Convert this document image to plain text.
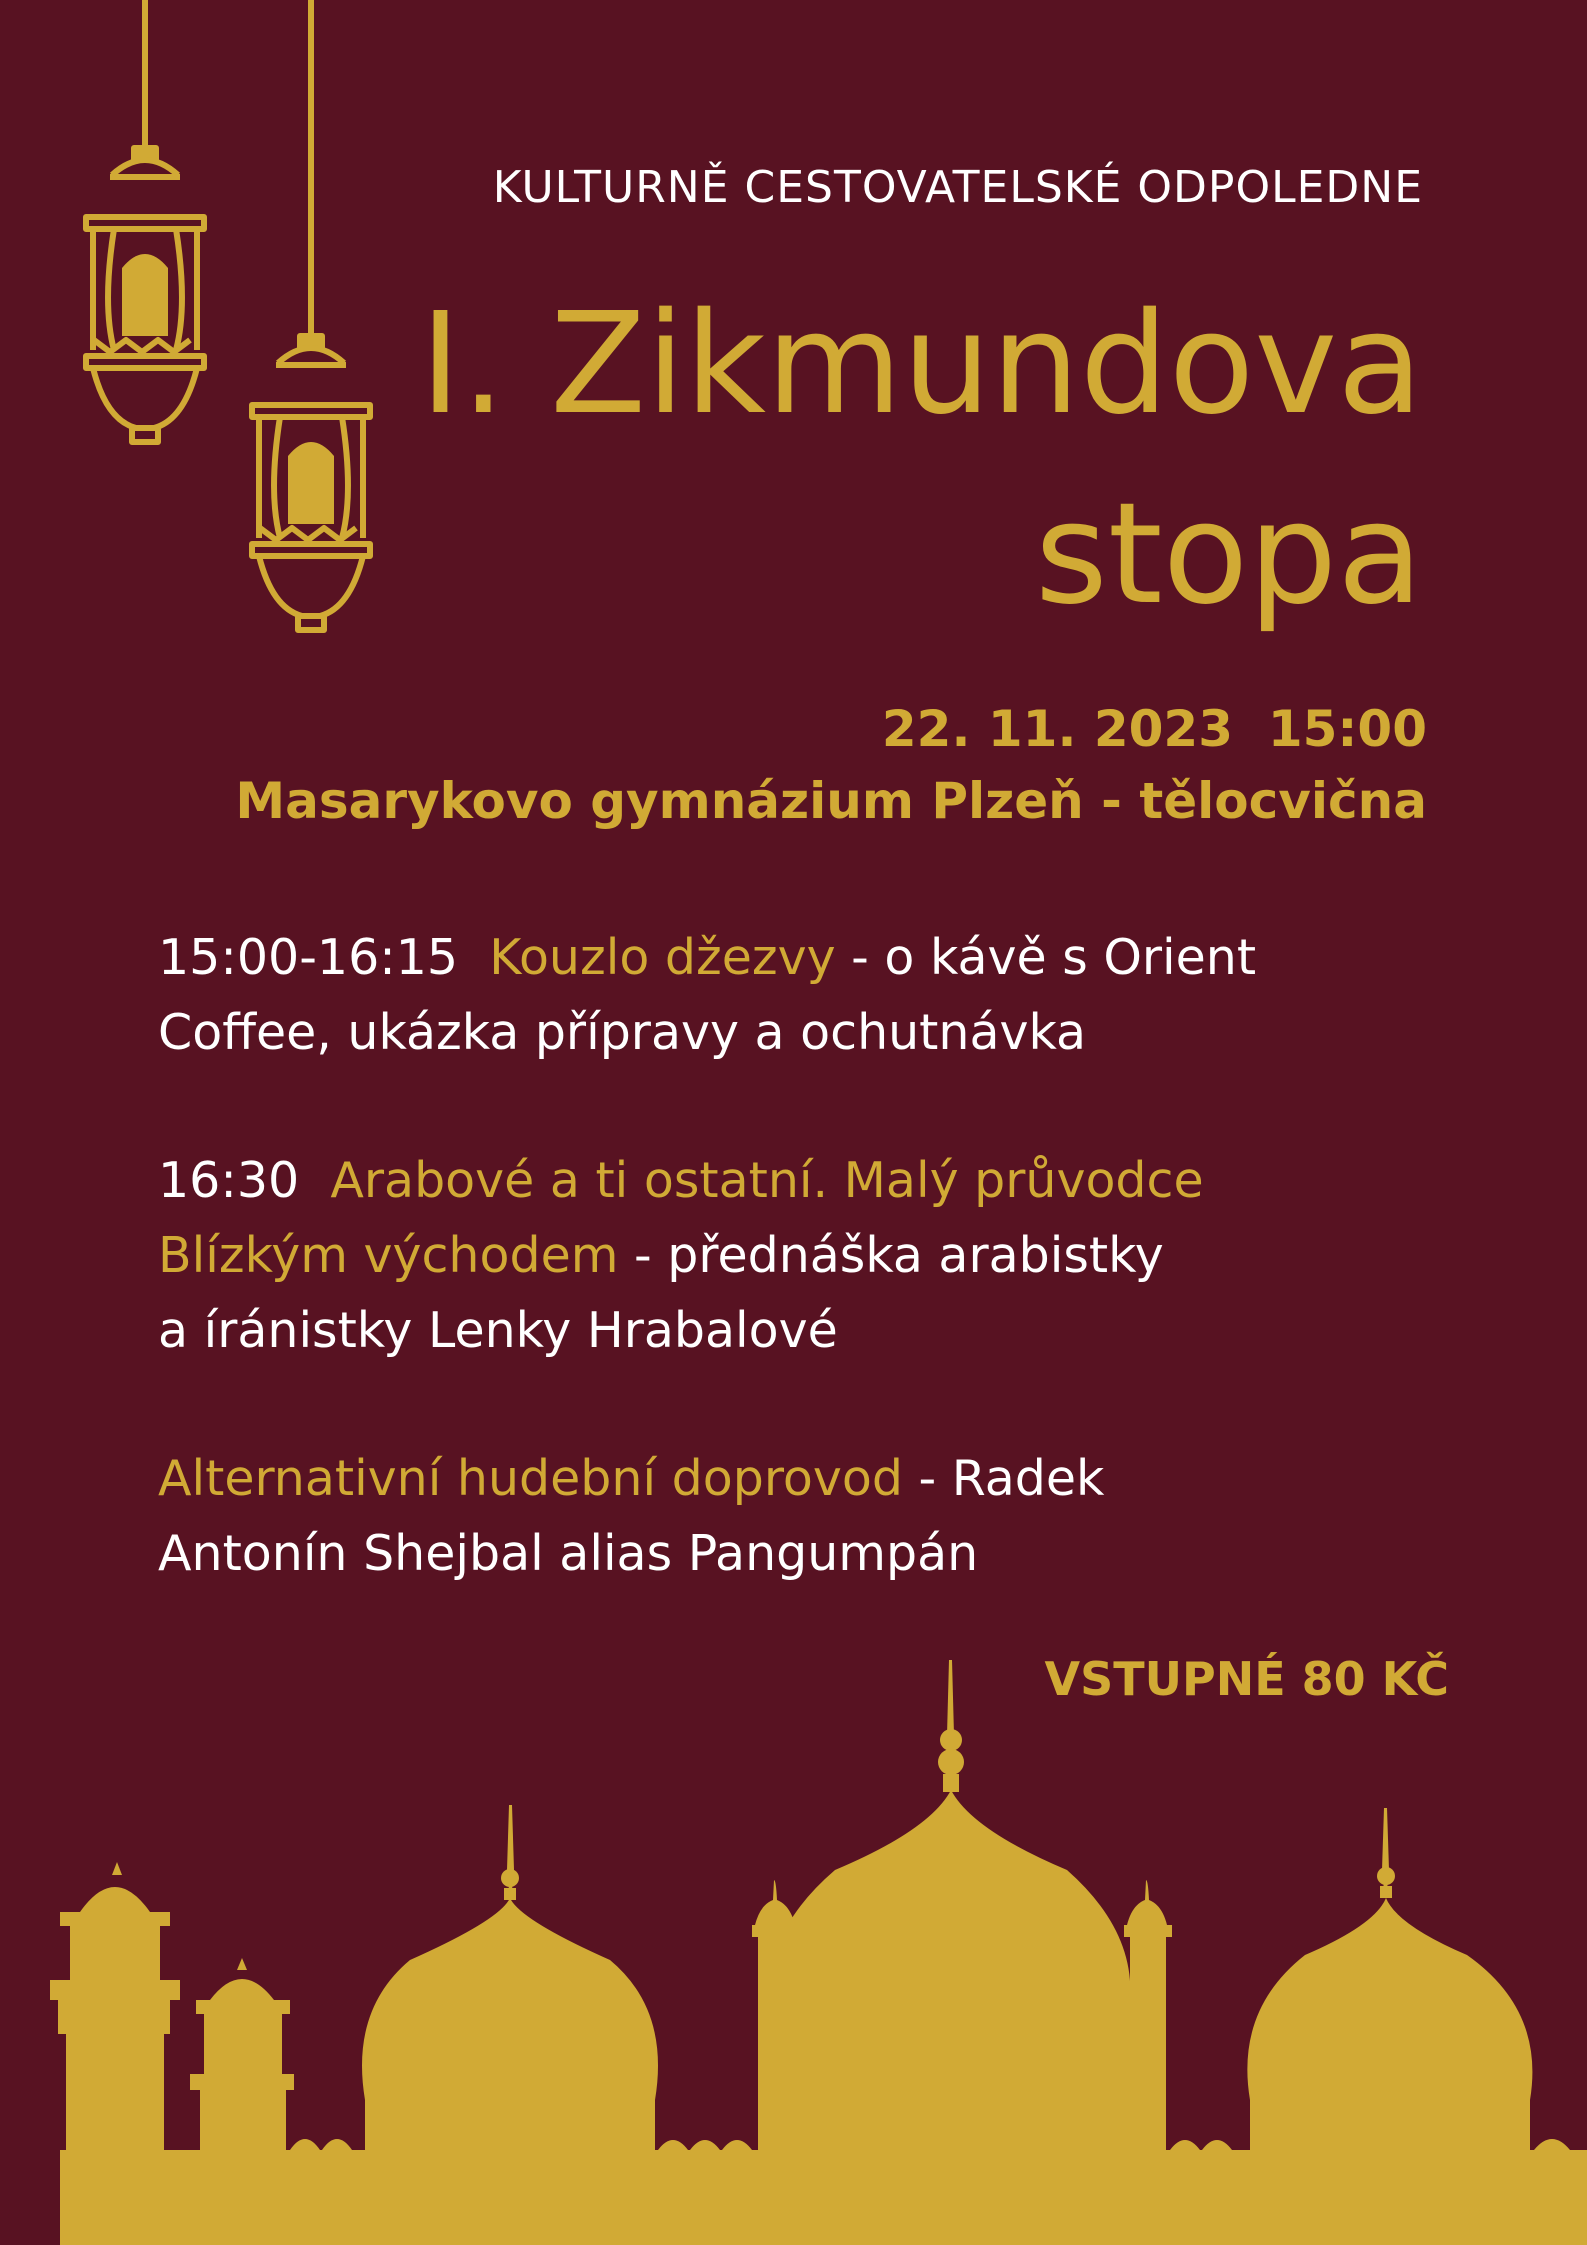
KULTURNĚ CESTOVATELSKÉ ODPOLEDNE
I. Zikmundova
stopa
22. 11. 2023 15:00
Masarykovo gymnázium Plzeň - tělocvična

15:00-16:15 Kouzlo džezvy - o kávě s Orient
Coffee, ukázka přípravy a ochutnávka

16:30 Arabové a ti ostatní. Malý průvodce
Blízkým východem - přednáška arabistky
a íránistky Lenky Hrabalové

Alternativní hudební doprovod - Radek
Antonín Shejbal alias Pangumpán

VSTUPNÉ 80 KČ
